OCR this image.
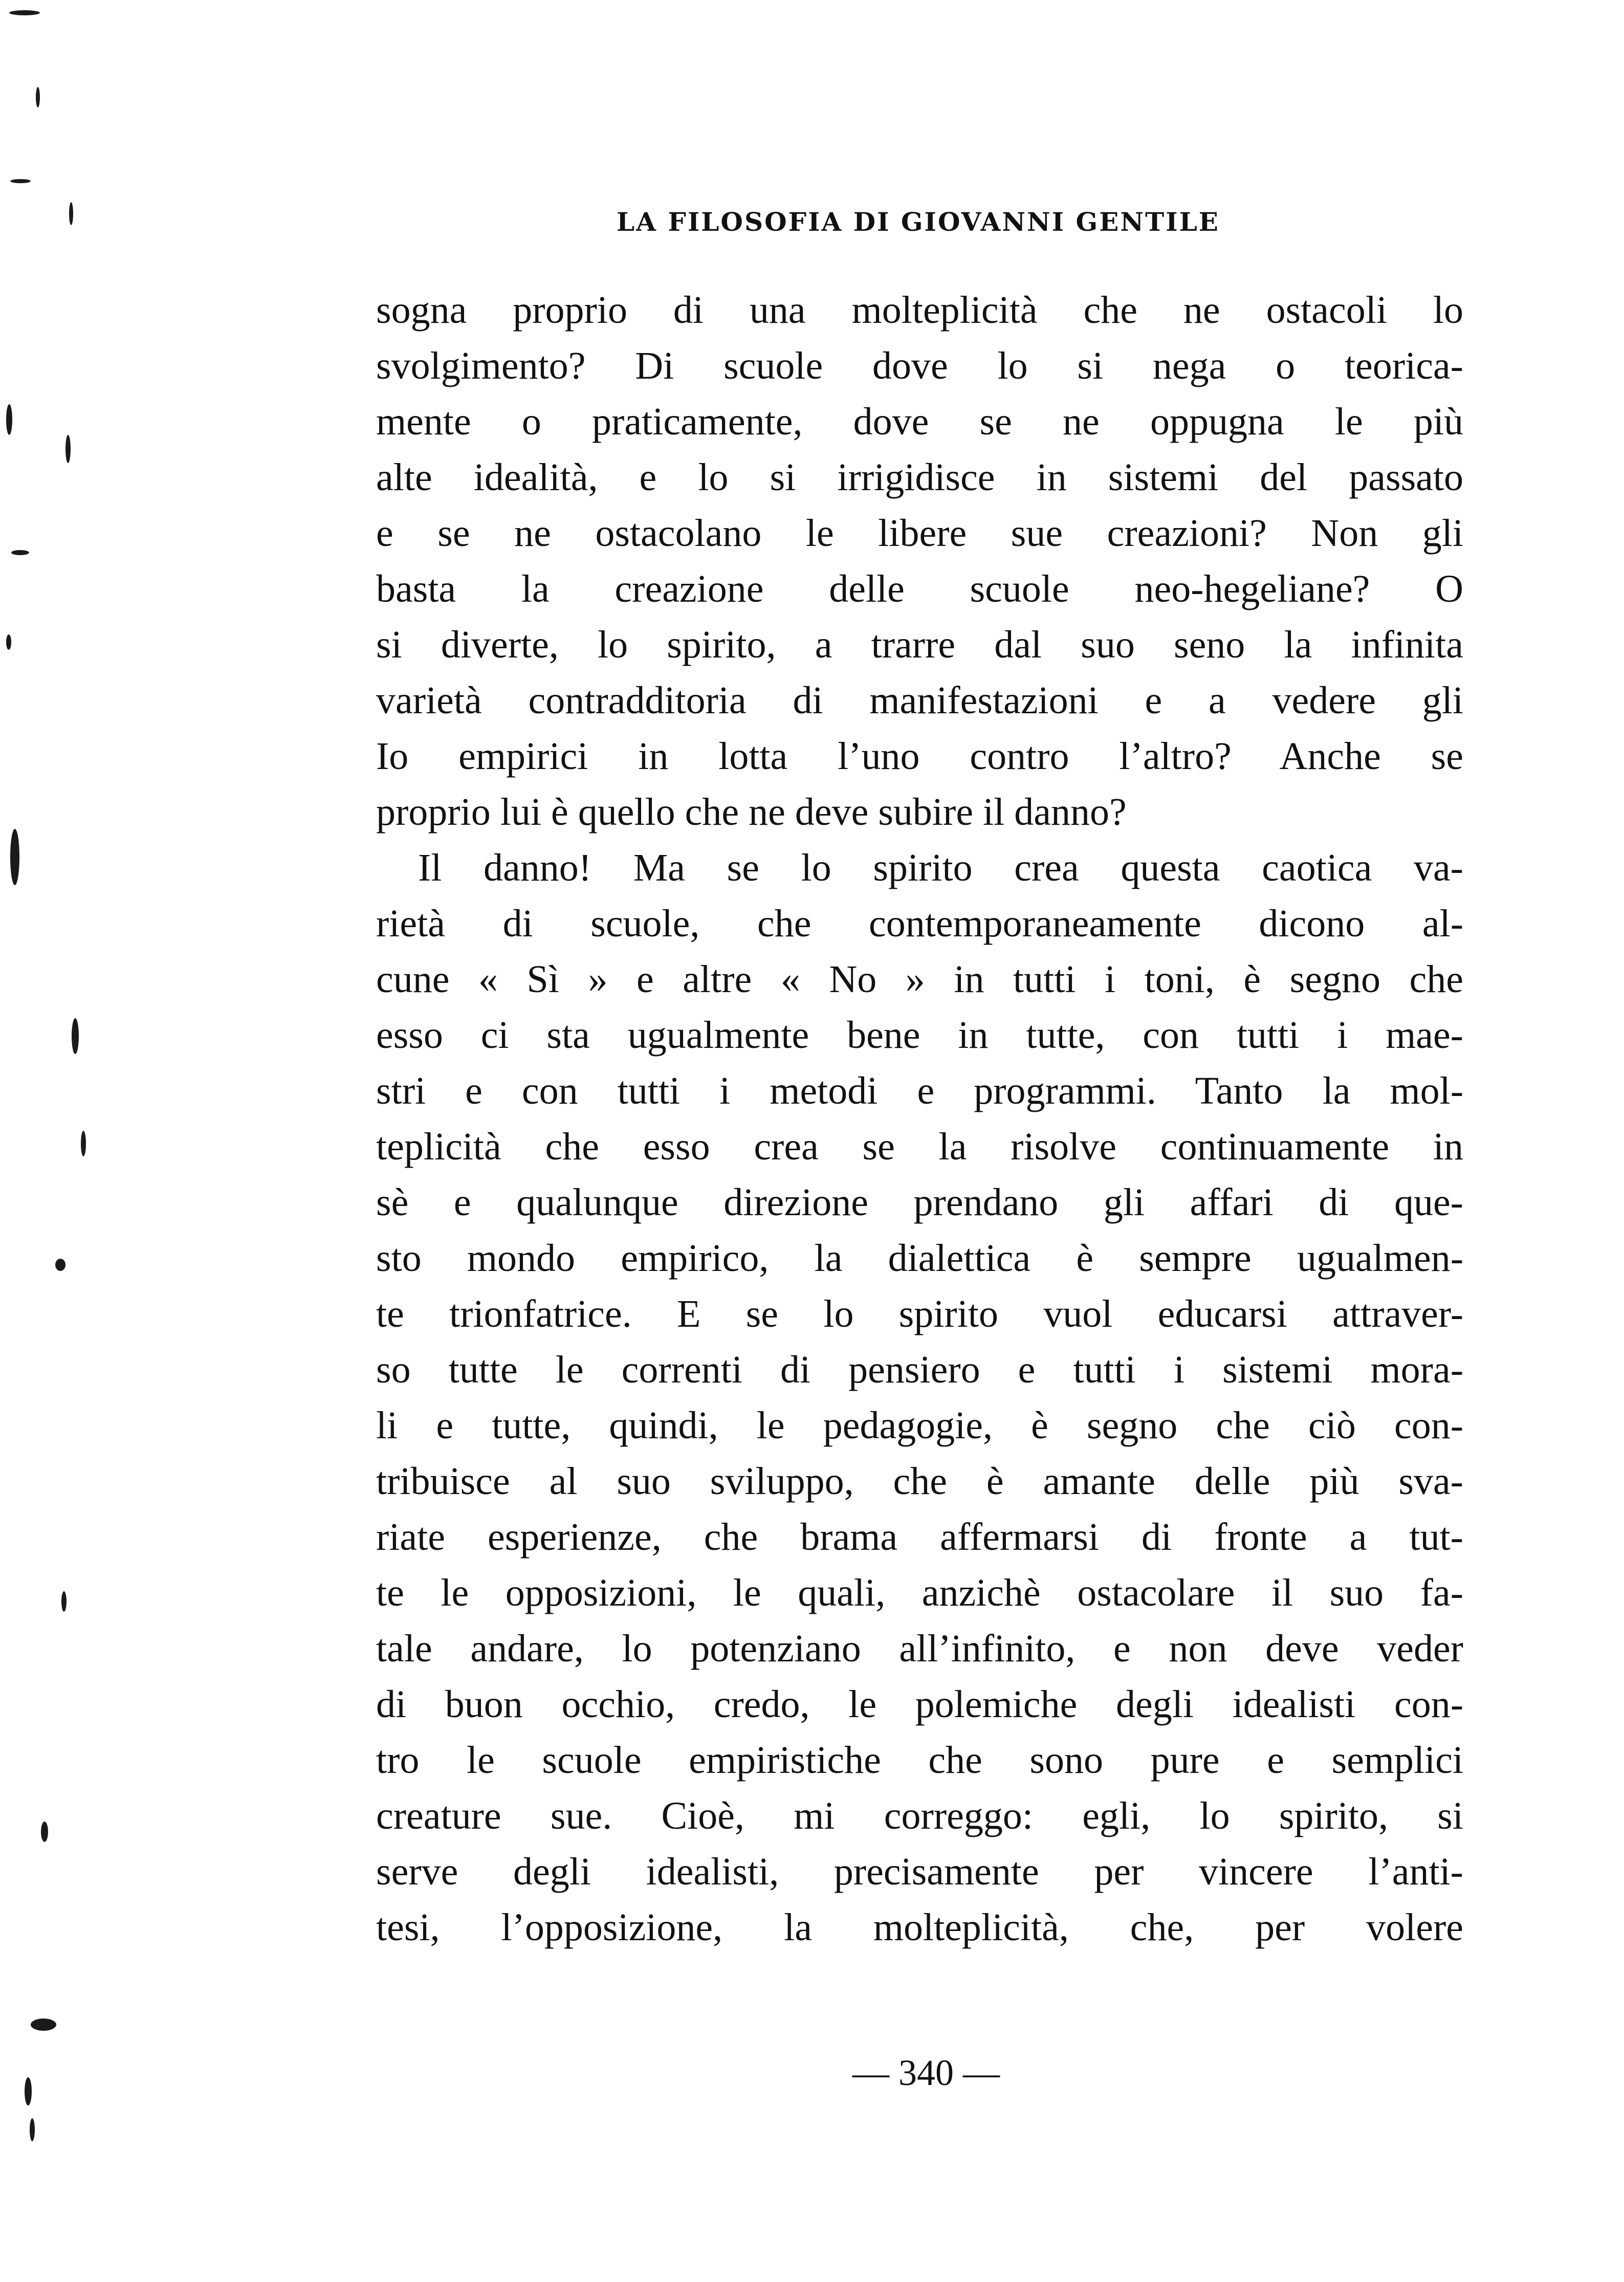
LA FILOSOFIA DI GIOVANNI GENTILE
sogna proprio di una molteplicità che ne ostacoli lo
svolgimento? Di scuole dove lo si nega o teorica-
mente o praticamente, dove se ne oppugna le più
alte idealità, e lo si irrigidisce in sistemi del passato
e se ne ostacolano le libere sue creazioni? Non gli
basta la creazione delle scuole neo-hegeliane? O
si diverte, lo spirito, a trarre dal suo seno la infinita
varietà contradditoria di manifestazioni e a vedere gli
Io empirici in lotta l’uno contro l’altro? Anche se
proprio lui è quello che ne deve subire il danno?
Il danno! Ma se lo spirito crea questa caotica va-
rietà di scuole, che contemporaneamente dicono al-
cune « Sì » e altre « No » in tutti i toni, è segno che
esso ci sta ugualmente bene in tutte, con tutti i mae-
stri e con tutti i metodi e programmi. Tanto la mol-
teplicità che esso crea se la risolve continuamente in
sè e qualunque direzione prendano gli affari di que-
sto mondo empirico, la dialettica è sempre ugualmen-
te trionfatrice. E se lo spirito vuol educarsi attraver-
so tutte le correnti di pensiero e tutti i sistemi mora-
li e tutte, quindi, le pedagogie, è segno che ciò con-
tribuisce al suo sviluppo, che è amante delle più sva-
riate esperienze, che brama affermarsi di fronte a tut-
te le opposizioni, le quali, anzichè ostacolare il suo fa-
tale andare, lo potenziano all’infinito, e non deve veder
di buon occhio, credo, le polemiche degli idealisti con-
tro le scuole empiristiche che sono pure e semplici
creature sue. Cioè, mi correggo: egli, lo spirito, si
serve degli idealisti, precisamente per vincere l’anti-
tesi, l’opposizione, la molteplicità, che, per volere
— 340 —
